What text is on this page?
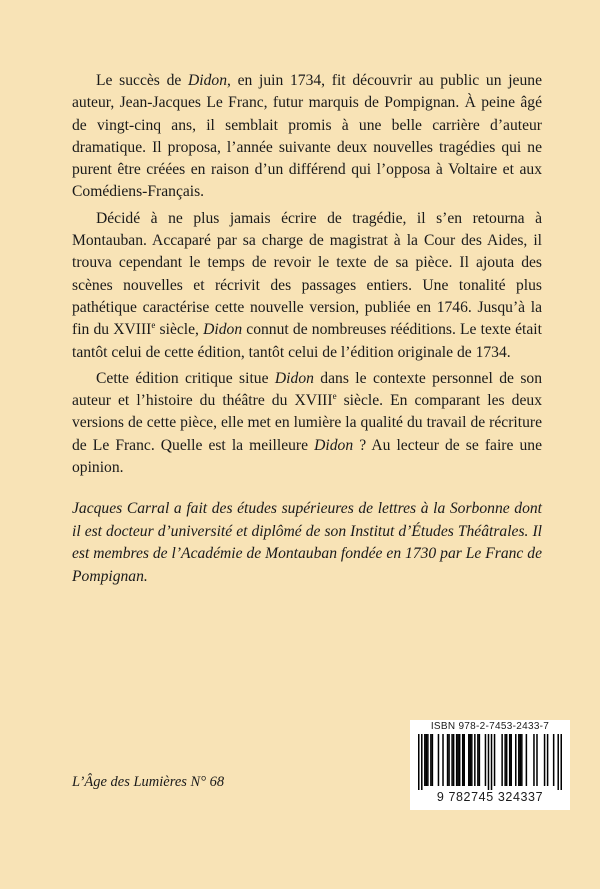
Le succès de Didon, en juin 1734, fit découvrir au public un jeune auteur, Jean-Jacques Le Franc, futur marquis de Pompignan. À peine âgé de vingt-cinq ans, il semblait promis à une belle carrière d’auteur dramatique. Il proposa, l’année suivante deux nouvelles tragédies qui ne purent être créées en raison d’un différend qui l’opposa à Voltaire et aux Comédiens-Français.

Décidé à ne plus jamais écrire de tragédie, il s’en retourna à Montauban. Accaparé par sa charge de magistrat à la Cour des Aides, il trouva cependant le temps de revoir le texte de sa pièce. Il ajouta des scènes nouvelles et récrivit des passages entiers. Une tonalité plus pathétique caractérise cette nouvelle version, publiée en 1746. Jusqu’à la fin du XVIIIe siècle, Didon connut de nombreuses rééditions. Le texte était tantôt celui de cette édition, tantôt celui de l’édition originale de 1734.

Cette édition critique situe Didon dans le contexte personnel de son auteur et l’histoire du théâtre du XVIIIe siècle. En comparant les deux versions de cette pièce, elle met en lumière la qualité du travail de récriture de Le Franc. Quelle est la meilleure Didon ? Au lecteur de se faire une opinion.

Jacques Carral a fait des études supérieures de lettres à la Sorbonne dont il est docteur d’université et diplômé de son Institut d’Études Théâtrales. Il est membres de l’Académie de Montauban fondée en 1730 par Le Franc de Pompignan.
L’Âge des Lumières N° 68
ISBN 978-2-7453-2433-7
9 782745 324337
